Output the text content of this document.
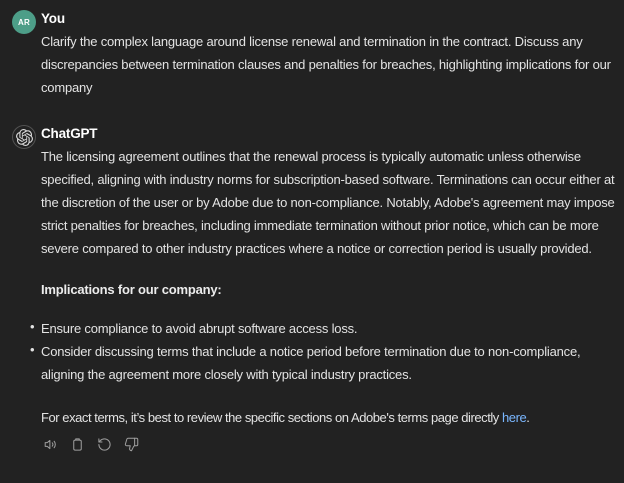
AR You

Clarify the complex language around license renewal and termination in the contract. Discuss any discrepancies between termination clauses and penalties for breaches, highlighting implications for our company

ChatGPT

The licensing agreement outlines that the renewal process is typically automatic unless otherwise specified, aligning with industry norms for subscription-based software. Terminations can occur either at the discretion of the user or by Adobe due to non-compliance. Notably, Adobe's agreement may impose strict penalties for breaches, including immediate termination without prior notice, which can be more severe compared to other industry practices where a notice or correction period is usually provided.

Implications for our company:

• Ensure compliance to avoid abrupt software access loss.
• Consider discussing terms that include a notice period before termination due to non-compliance, aligning the agreement more closely with typical industry practices.

For exact terms, it’s best to review the specific sections on Adobe's terms page directly here.
